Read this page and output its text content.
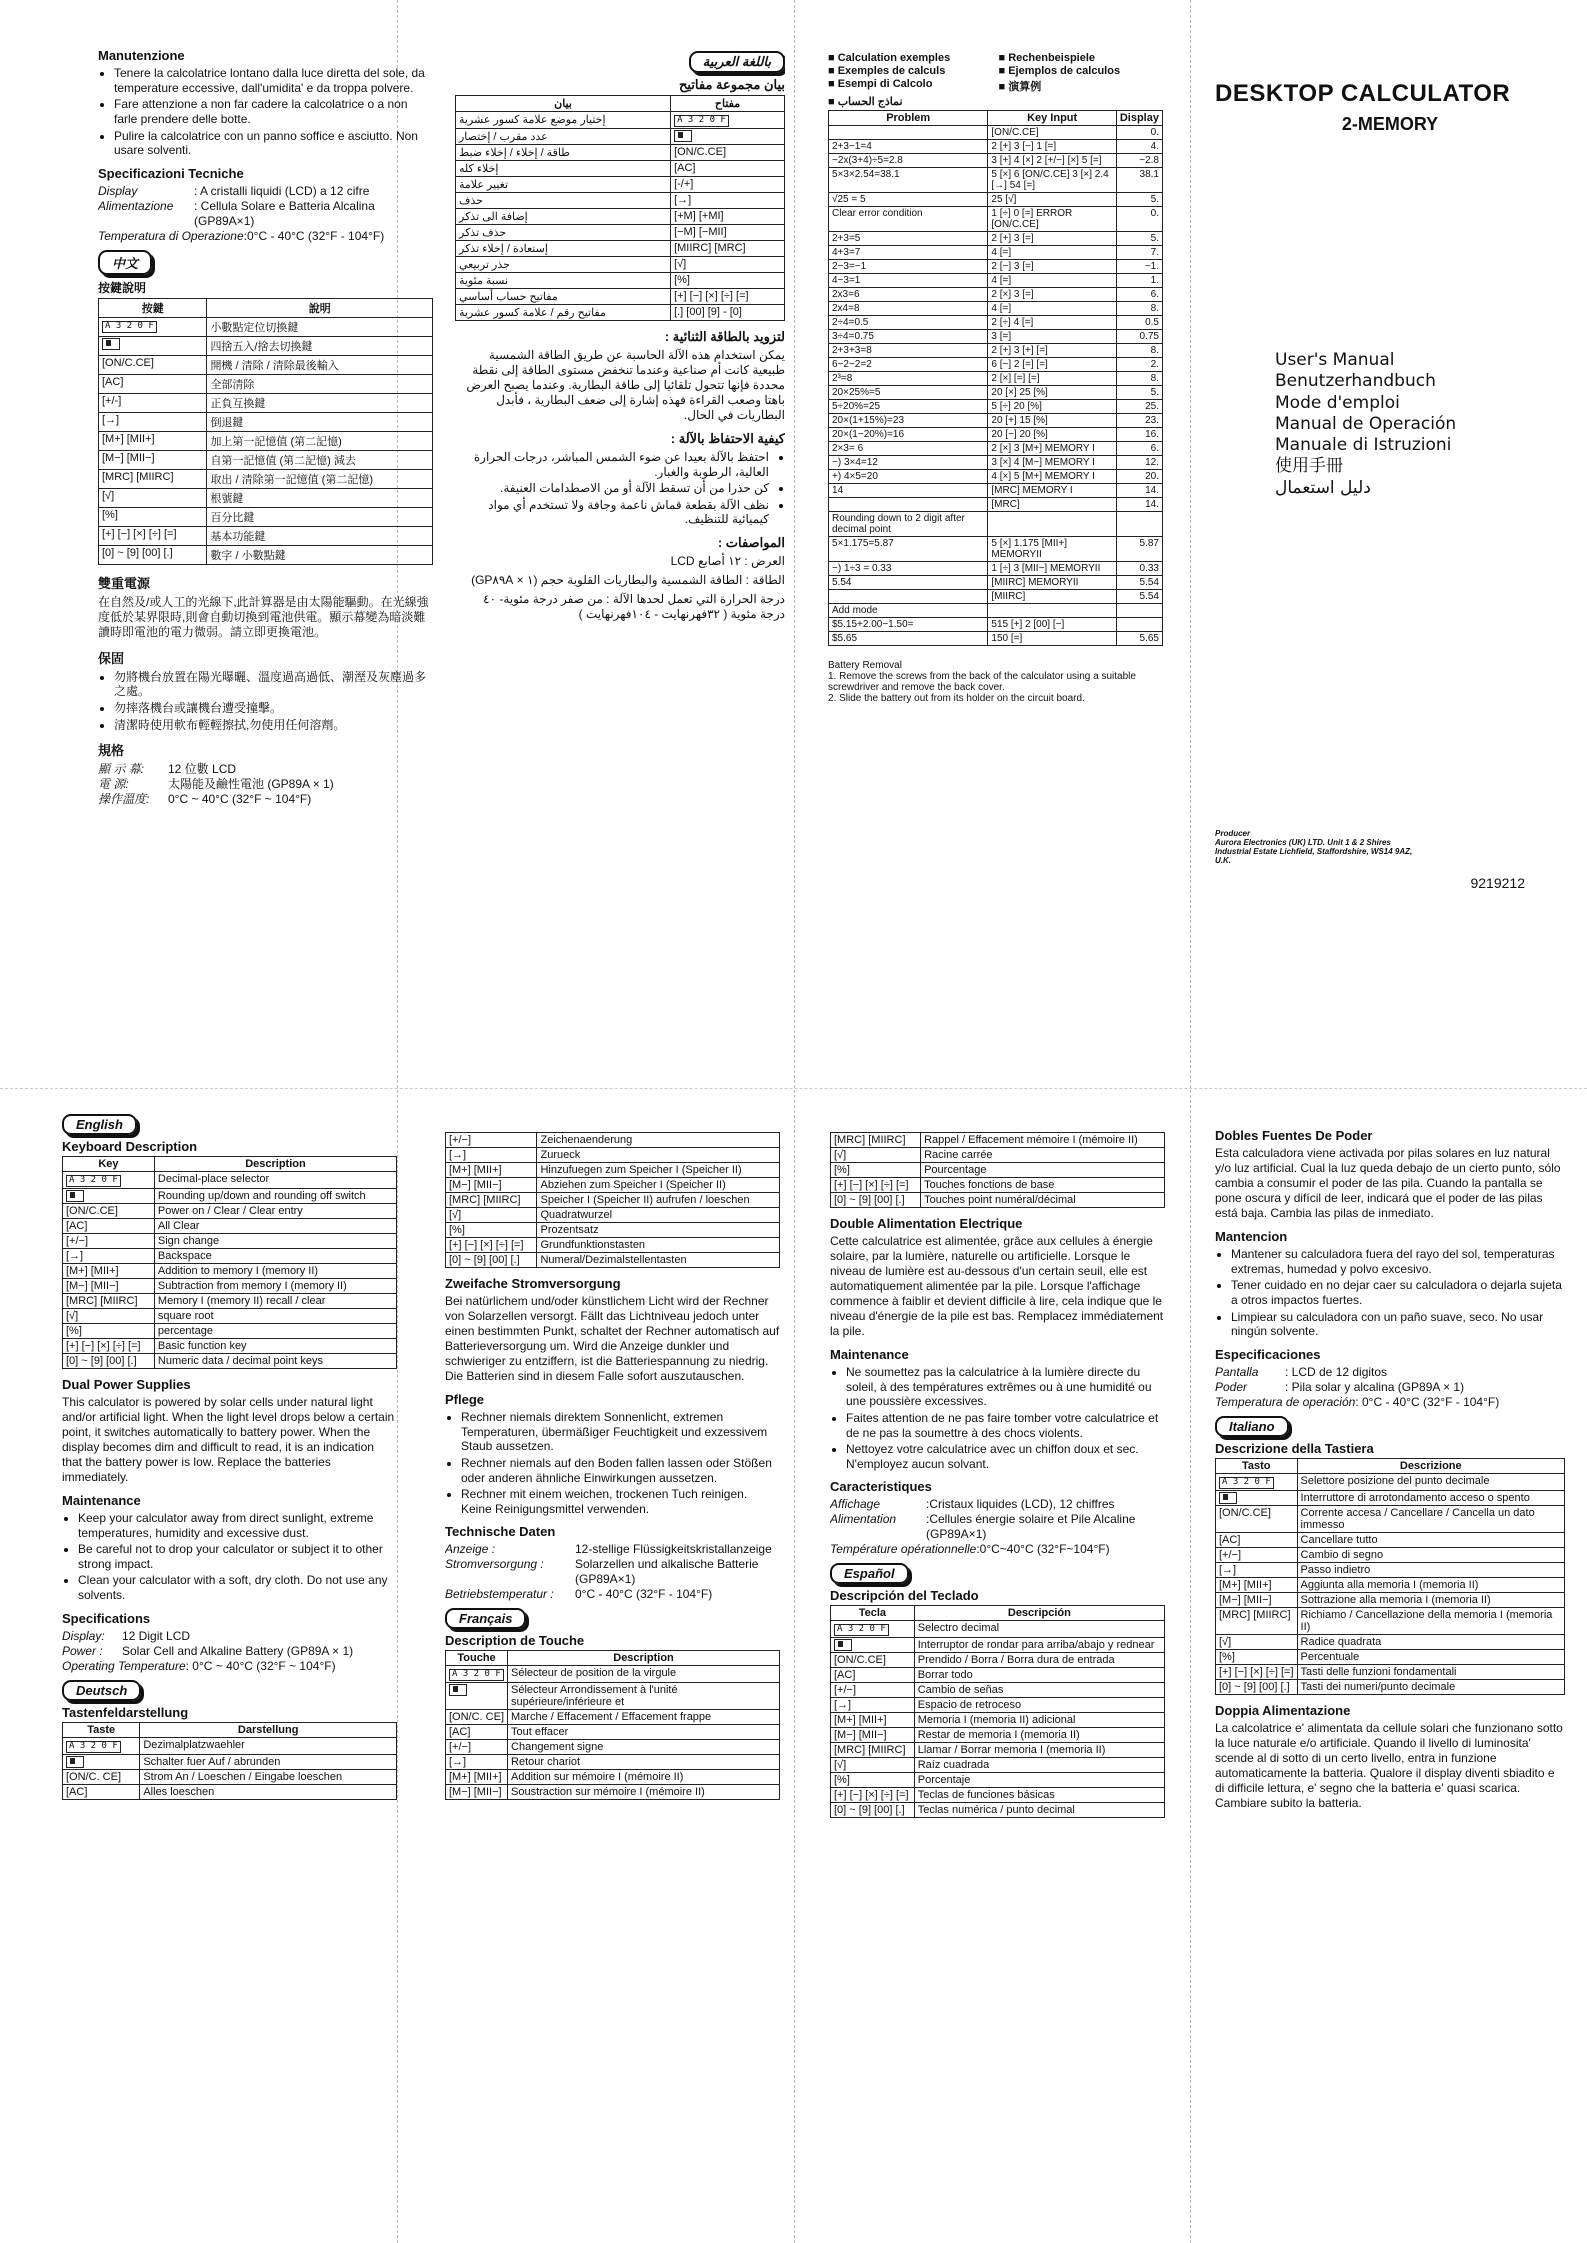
Manutenzione
• Tenere la calcolatrice lontano dalla luce diretta del sole, da temperature eccessive, dall'umidita' e da troppa polvere.
• Fare attenzione a non far cadere la calcolatrice o a non farle prendere delle botte.
• Pulire la calcolatrice con un panno soffice e asciutto. Non usare solventi.
Specificazioni Tecniche
Display	: A cristalli liquidi (LCD) a 12 cifre
Alimentazione	: Cellula Solare e Batteria Alcalina (GP89A×1)
Temperatura di Operazione :0°C - 40°C (32°F - 104°F)
中文
按鍵說明
按鍵	說明
A 3 2 0 F	小數點定位切換鍵
	四捨五入/捨去切換鍵
[ON/C.CE]	開機 / 清除 / 清除最後輸入
[AC]	全部清除
[+/-]	正負互換鍵
[→]	倒退鍵
[M+] [MII+]	加上第一記憶值 (第二記憶)
[M−] [MII−]	自第一記憶值 (第二記憶) 減去
[MRC] [MIIRC]	取出 / 清除第一記憶值 (第二記憶)
[√]	根號鍵
[%]	百分比鍵
[+] [−] [×] [÷] [=]	基本功能鍵
[0] ~ [9] [00] [.]	數字 / 小數點鍵
雙重電源

在自然及/或人工的光線下,此計算器是由太陽能驅動。在光線強度低於某界限時,則會自動切換到電池供電。顯示幕變為暗淡難讀時即電池的電力微弱。請立即更換電池。

保固
• 勿將機台放置在陽光曝曬、溫度過高過低、潮溼及灰塵過多之處。
• 勿摔落機台或讓機台遭受撞擊。
• 清潔時使用軟布輕輕擦拭,勿使用任何溶劑。
規格
顯 示 幕:	12 位數 LCD
電 源:	太陽能及鹼性電池 (GP89A × 1)
操作溫度:	0°C ~ 40°C (32°F ~ 104°F)
باللغة العربية
بيان مجموعة مفاتيح
مفتاح	بيان
A 3 2 0 F	إختيار موضع علامة كسور عشرية
	عدد مقرب / إختصار
[ON/C.CE]	طاقة / إخلاء / إخلاء ضبط
[AC]	إخلاء كله
[+/-]	تغيير علامة
[→]	حذف
[MI+] [M+]	إضافة الى تذكر
[MII−] [M−]	حذف تذكر
[MRC] [MIIRC]	إستعادة / إخلاء تذكر
[√]	جذر تربيعي
[%]	نسبة مئوية
[=] [÷] [×] [−] [+]	مفاتيح حساب أساسي
[0] - [9] [00] [.]	مفاتيح رقم / علامة كسور عشرية
لتزويد بالطاقة الثنائية :

يمكن استخدام هذه الآلة الحاسبة عن طريق الطاقة الشمسية طبيعية كانت أم صناعية وعندما تنخفض مستوى الطاقة إلى نقطة محددة فإنها تتحول تلقائيا إلى طاقة البطارية. وعندما يصبح العرض باهتا وصعب القراءة فهذه إشارة إلى ضعف البطارية ، فأبدل البطاريات في الحال.

كيفية الاحتفاظ بالآلة :
• احتفظ بالآلة بعيدا عن ضوء الشمس المباشر، درجات الحرارة العالية، الرطوبة والغبار.
• كن حذرا من أن تسقط الآلة أو من الاصطدامات العنيفة.
• نظف الآلة بقطعة قماش ناعمة وجافة ولا تستخدم أي مواد كيميائية للتنظيف.
المواصفات :

العرض : ١٢ أصابع LCD

الطاقة : الطاقة الشمسية والبطاريات القلوية حجم (١ × GP٨٩A)

درجة الحرارة التي تعمل لحدها الآلة : من صفر درجة مئوية- ٤٠ درجة مئوية ( ٣٢فهرنهايت - ١٠٤فهرنهايت )

■ Calculation exemples	■ Rechenbeispiele
■ Exemples de calculs	■ Ejemplos de calculos
■ Esempi di Calcolo	■ 演算例
■ نماذج الحساب
Problem	Key Input	Display
	[ON/C.CE]	0.
2+3−1=4	2 [+] 3 [−] 1 [=]	4.
−2x(3+4)÷5=2.8	3 [+] 4 [×] 2 [+/−] [×] 5 [=]	−2.8
5×3×2.54=38.1	5 [×] 6 [ON/C.CE] 3 [×] 2.4 [→] 54 [=]	38.1
√25 = 5	25 [√]	5.
Clear error condition	1 [÷] 0 [=] ERROR [ON/C.CE]	0.
2+3=5	2 [+] 3 [=]	5.
4+3=7	4 [=]	7.
2−3=−1	2 [−] 3 [=]	−1.
4−3=1	4 [=]	1.
2x3=6	2 [×] 3 [=]	6.
2x4=8	4 [=]	8.
2÷4=0.5	2 [÷] 4 [=]	0.5
3÷4=0.75	3 [=]	0.75
2+3+3=8	2 [+] 3 [+] [=]	8.
6−2−2=2	6 [−] 2 [=] [=]	2.
2³=8	2 [×] [=] [=]	8.
20×25%=5	20 [×] 25 [%]	5.
5÷20%=25	5 [÷] 20 [%]	25.
20×(1+15%)=23	20 [+] 15 [%]	23.
20×(1−20%)=16	20 [−] 20 [%]	16.
2×3= 6	2 [×] 3 [M+] MEMORY I	6.
−) 3×4=12	3 [×] 4 [M−] MEMORY I	12.
+) 4×5=20	4 [×] 5 [M+] MEMORY I	20.
14	[MRC] MEMORY I	14.
	[MRC]	14.
Rounding down to 2 digit after decimal point		
5×1.175=5.87	5 [×] 1.175 [MII+] MEMORYII	5.87
−) 1÷3 = 0.33	1 [÷] 3 [MII−] MEMORYII	0.33
5.54	[MIIRC] MEMORYII	5.54
	[MIIRC]	5.54
Add mode		
$5.15+2.00−1.50=	515 [+] 2 [00] [−]	
$5.65	150 [=]	5.65
Battery Removal
1. Remove the screws from the back of the calculator using a suitable screwdriver and remove the back cover.
2. Slide the battery out from its holder on the circuit board.
DESKTOP CALCULATOR
2-MEMORY
User's Manual
Benutzerhandbuch
Mode d'emploi
Manual de Operación
Manuale di Istruzioni
使用手冊
دليل استعمال
Producer
Aurora Electronics (UK) LTD. Unit 1 & 2 Shires Industrial Estate Lichfield, Staffordshire, WS14 9AZ, U.K.
9219212
English
Keyboard Description
Key	Description
A 3 2 0 F	Decimal-place selector
	Rounding up/down and rounding off switch
[ON/C.CE]	Power on / Clear / Clear entry
[AC]	All Clear
[+/−]	Sign change
[→]	Backspace
[M+] [MII+]	Addition to memory I (memory II)
[M−] [MII−]	Subtraction from memory I (memory II)
[MRC] [MIIRC]	Memory I (memory II) recall / clear
[√]	square root
[%]	percentage
[+] [−] [×] [÷] [=]	Basic function key
[0] ~ [9] [00] [.]	Numeric data / decimal point keys
Dual Power Supplies

This calculator is powered by solar cells under natural light and/or artificial light. When the light level drops below a certain point, it switches automatically to battery power. When the display becomes dim and difficult to read, it is an indication that the battery power is low. Replace the batteries immediately.

Maintenance
• Keep your calculator away from direct sunlight, extreme temperatures, humidity and excessive dust.
• Be careful not to drop your calculator or subject it to other strong impact.
• Clean your calculator with a soft, dry cloth. Do not use any solvents.
Specifications
Display:	12 Digit LCD
Power :	Solar Cell and Alkaline Battery (GP89A × 1)
Operating Temperature : 0°C ~ 40°C (32°F ~ 104°F)
Deutsch
Tastenfeldarstellung
Taste	Darstellung
A 3 2 0 F	Dezimalplatzwaehler
	Schalter fuer Auf / abrunden
[ON/C. CE]	Strom An / Loeschen / Eingabe loeschen
[AC]	Alles loeschen
[+/−]	Zeichenaenderung
[→]	Zurueck
[M+] [MII+]	Hinzufuegen zum Speicher I (Speicher II)
[M−] [MII−]	Abziehen zum Speicher I (Speicher II)
[MRC] [MIIRC]	Speicher I (Speicher II) aufrufen / loeschen
[√]	Quadratwurzel
[%]	Prozentsatz
[+] [−] [×] [÷] [=]	Grundfunktionstasten
[0] ~ [9] [00] [.]	Numeral/Dezimalstellentasten
Zweifache Stromversorgung

Bei natürlichem und/oder künstlichem Licht wird der Rechner von Solarzellen versorgt. Fällt das Lichtniveau jedoch unter einen bestimmten Punkt, schaltet der Rechner automatisch auf Batterieversorgung um. Wird die Anzeige dunkler und schwieriger zu entziffern, ist die Batteriespannung zu niedrig. Die Batterien sind in diesem Falle sofort auszutauschen.

Pflege
• Rechner niemals direktem Sonnenlicht, extremen Temperaturen, übermäßiger Feuchtigkeit und exzessivem Staub aussetzen.
• Rechner niemals auf den Boden fallen lassen oder Stößen oder anderen ähnliche Einwirkungen aussetzen.
• Rechner mit einem weichen, trockenen Tuch reinigen. Keine Reinigungsmittel verwenden.
Technische Daten
Anzeige :	12-stellige Flüssigkeitskristallanzeige
Stromversorgung :	Solarzellen und alkalische Batterie (GP89A×1)
Betriebstemperatur :	0°C - 40°C (32°F - 104°F)
Français
Description de Touche
Touche	Description
A 3 2 0 F	Sélecteur de position de la virgule
	Sélecteur Arrondissement à l'unité supérieure/inférieure et
[ON/C. CE]	Marche / Effacement / Effacement frappe
[AC]	Tout effacer
[+/−]	Changement signe
[→]	Retour chariot
[M+] [MII+]	Addition sur mémoire I (mémoire II)
[M−] [MII−]	Soustraction sur mémoire I (mémoire II)
[MRC] [MIIRC]	Rappel / Effacement mémoire I (mémoire II)
[√]	Racine carrée
[%]	Pourcentage
[+] [−] [×] [÷] [=]	Touches fonctions de base
[0] ~ [9] [00] [.]	Touches point numéral/décimal
Double Alimentation Electrique

Cette calculatrice est alimentée, grâce aux cellules à énergie solaire, par la lumière, naturelle ou artificielle. Lorsque le niveau de lumière est au-dessous d'un certain seuil, elle est automatiquement alimentée par la pile. Lorsque l'affichage commence à faiblir et devient difficile à lire, cela indique que le niveau d'énergie de la pile est bas. Remplacez immédiatement la pile.

Maintenance
• Ne soumettez pas la calculatrice à la lumière directe du soleil, à des températures extrêmes ou à une humidité ou une poussière excessives.
• Faites attention de ne pas faire tomber votre calculatrice et de ne pas la soumettre à des chocs violents.
• Nettoyez votre calculatrice avec un chiffon doux et sec. N'employez aucun solvant.
Caracteristiques
Affichage	:Cristaux liquides (LCD), 12 chiffres
Alimentation	:Cellules énergie solaire et Pile Alcaline (GP89A×1)
Température opérationnelle :0°C~40°C (32°F~104°F)
Español
Descripción del Teclado
Tecla	Descripción
A 3 2 0 F	Selectro decimal
	Interruptor de rondar para arriba/abajo y rednear
[ON/C.CE]	Prendido / Borra / Borra dura de entrada
[AC]	Borrar todo
[+/−]	Cambio de señas
[→]	Espacio de retroceso
[M+] [MII+]	Memoria I (memoria II) adicional
[M−] [MII−]	Restar de memoria I (memoria II)
[MRC] [MIIRC]	Llamar / Borrar memoria I (memoria II)
[√]	Raíz cuadrada
[%]	Porcentaje
[+] [−] [×] [÷] [=]	Teclas de funciones básicas
[0] ~ [9] [00] [.]	Teclas numérica / punto decimal
Dobles Fuentes De Poder

Esta calculadora viene activada por pilas solares en luz natural y/o luz artificial. Cual la luz queda debajo de un cierto punto, sólo cambia a consumir el poder de las pila. Cuando la pantalla se pone oscura y difícil de leer, indicará que el poder de las pilas está baja. Cambia las pilas de inmediato.

Mantencion
• Mantener su calculadora fuera del rayo del sol, temperaturas extremas, humedad y polvo excesivo.
• Tener cuidado en no dejar caer su calculadora o dejarla sujeta a otros impactos fuertes.
• Limpiear su calculadora con un paño suave, seco. No usar ningún solvente.
Especificaciones
Pantalla	: LCD de 12 digitos
Poder	: Pila solar y alcalina (GP89A × 1)
Temperatura de operación : 0°C - 40°C (32°F - 104°F)
Italiano
Descrizione della Tastiera
Tasto	Descrizione
A 3 2 0 F	Selettore posizione del punto decimale
	Interruttore di arrotondamento acceso o spento
[ON/C.CE]	Corrente accesa / Cancellare / Cancella un dato immesso
[AC]	Cancellare tutto
[+/−]	Cambio di segno
[→]	Passo indietro
[M+] [MII+]	Aggiunta alla memoria I (memoria II)
[M−] [MII−]	Sottrazione alla memoria I (memoria II)
[MRC] [MIIRC]	Richiamo / Cancellazione della memoria I (memoria II)
[√]	Radice quadrata
[%]	Percentuale
[+] [−] [×] [÷] [=]	Tasti delle funzioni fondamentali
[0] ~ [9] [00] [.]	Tasti dei numeri/punto decimale
Doppia Alimentazione

La calcolatrice e' alimentata da cellule solari che funzionano sotto la luce naturale e/o artificiale. Quando il livello di luminosita' scende al di sotto di un certo livello, entra in funzione automaticamente la batteria. Qualore il display diventi sbiadito e di difficile lettura, e' segno che la batteria e' quasi scarica. Cambiare subito la batteria.
